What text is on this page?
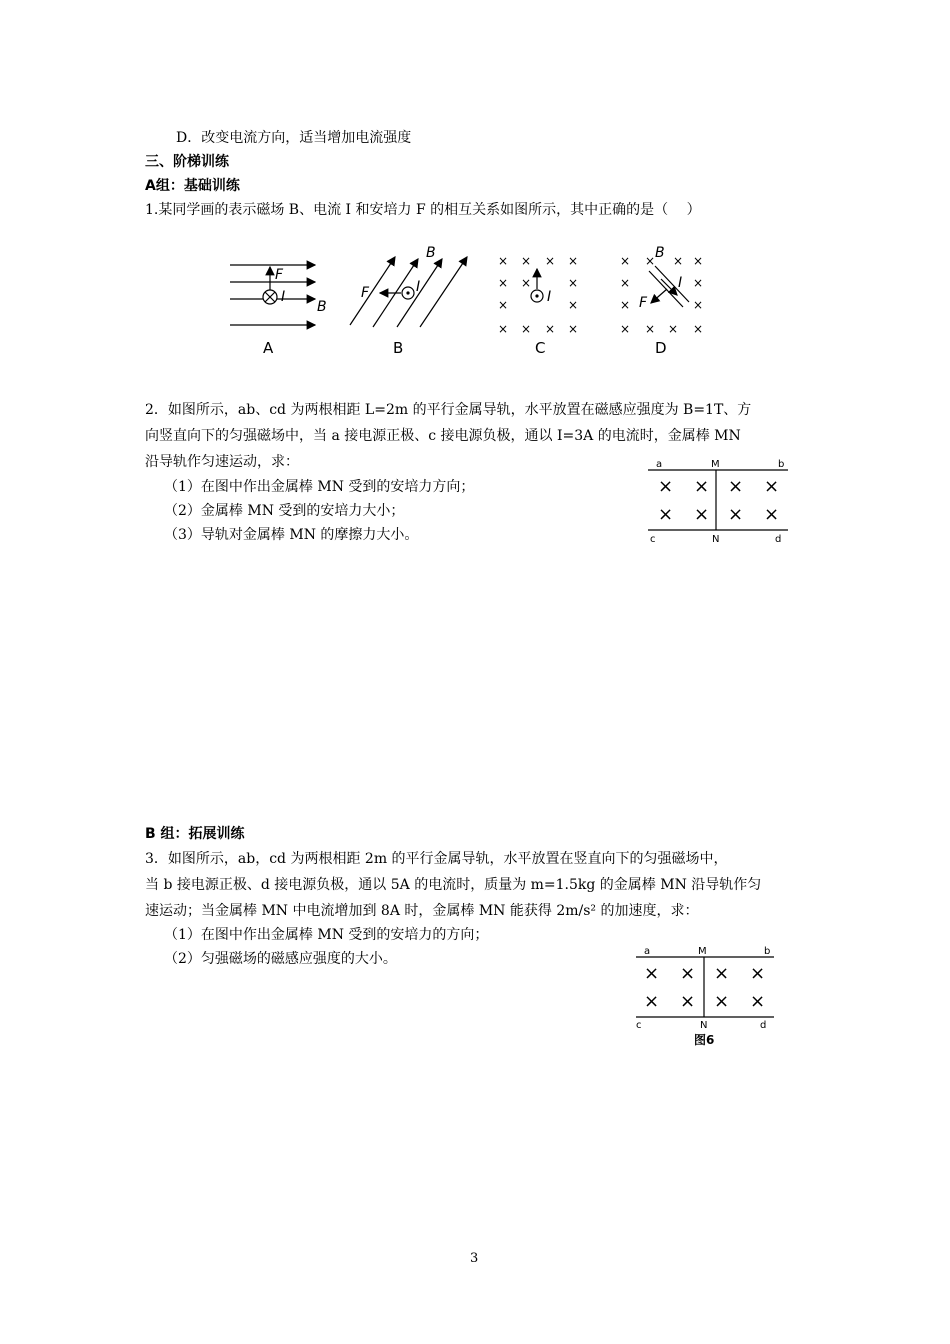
D．改变电流方向，适当增加电流强度
三、阶梯训练
A组：基础训练
1.某同学画的表示磁场 B、电流 I 和安培力 F 的相互关系如图所示，其中正确的是（　 ）
F
I
B
A
F	I
B
B
× × × ×
× ×	×
×	×
× × × ×
I
C
× × × ×
×	×
×	×
× × × ×
B
F
I
D
2．如图所示，ab、cd 为两根相距 L=2m 的平行金属导轨，水平放置在磁感应强度为 B=1T、方
向竖直向下的匀强磁场中，当 a 接电源正极、c 接电源负极，通以 I=3A 的电流时，金属棒 MN
沿导轨作匀速运动，求：
（1）在图中作出金属棒 MN 受到的安培力方向；
（2）金属棒 MN 受到的安培力大小；
（3）导轨对金属棒 MN 的摩擦力大小。
a	M	b
× × × ×
× × × ×
c	N	d
B 组：拓展训练
3．如图所示，ab，cd 为两根相距 2m 的平行金属导轨，水平放置在竖直向下的匀强磁场中，
当 b 接电源正极、d 接电源负极，通以 5A 的电流时，质量为 m=1.5kg 的金属棒 MN 沿导轨作匀
速运动；当金属棒 MN 中电流增加到 8A 时，金属棒 MN 能获得 2m/s² 的加速度，求：
（1）在图中作出金属棒 MN 受到的安培力的方向；
（2）匀强磁场的磁感应强度的大小。	a	M	b
× × × ×
× × × ×
c	N	d
图6
3
